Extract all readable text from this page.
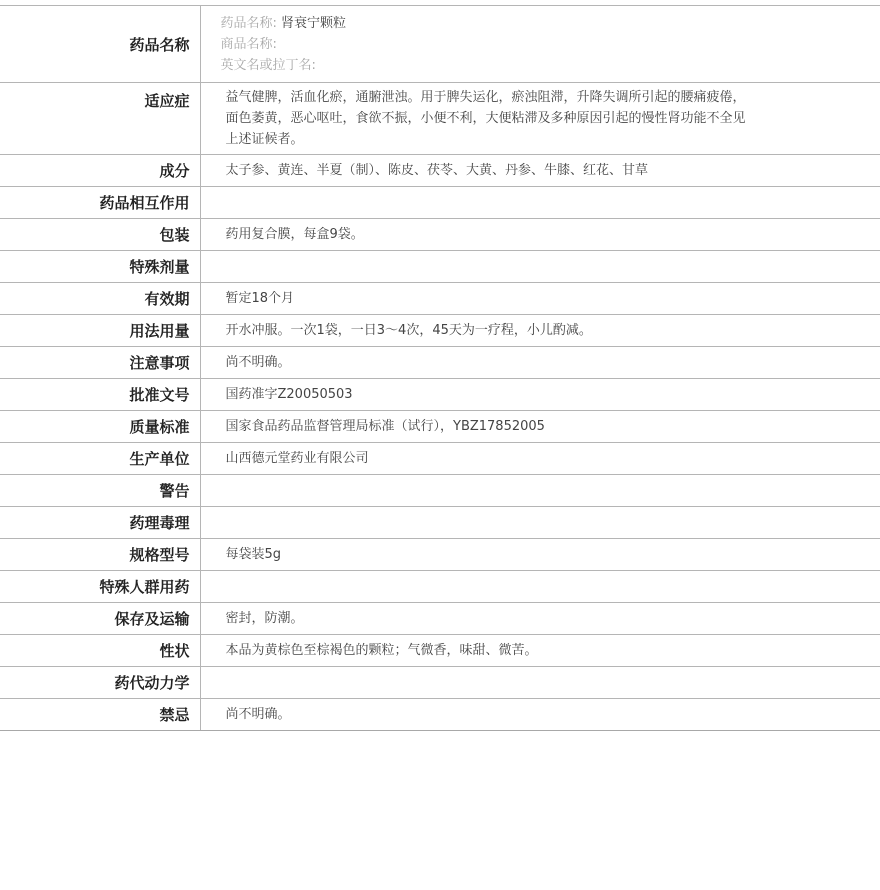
药品名称	药品名称: 肾衰宁颗粒
商品名称:
英文名或拉丁名:

适应症	益气健脾，活血化瘀，通腑泄浊。用于脾失运化，瘀浊阻滞，升降失调所引起的腰痛疲倦，
面色萎黄，恶心呕吐，食欲不振，小便不利，大便粘滞及多种原因引起的慢性肾功能不全见
上述证候者。

成分	太子参、黄连、半夏（制）、陈皮、茯苓、大黄、丹参、牛膝、红花、甘草
药品相互作用	
包装	药用复合膜，每盒9袋。
特殊剂量	
有效期	暂定18个月
用法用量	开水冲服。一次1袋，一日3～4次，45天为一疗程，小儿酌减。
注意事项	尚不明确。
批准文号	国药准字Z20050503
质量标准	国家食品药品监督管理局标准（试行），YBZ17852005
生产单位	山西德元堂药业有限公司
警告	
药理毒理	
规格型号	每袋装5g
特殊人群用药	
保存及运输	密封，防潮。
性状	本品为黄棕色至棕褐色的颗粒；气微香，味甜、微苦。
药代动力学	
禁忌	尚不明确。
